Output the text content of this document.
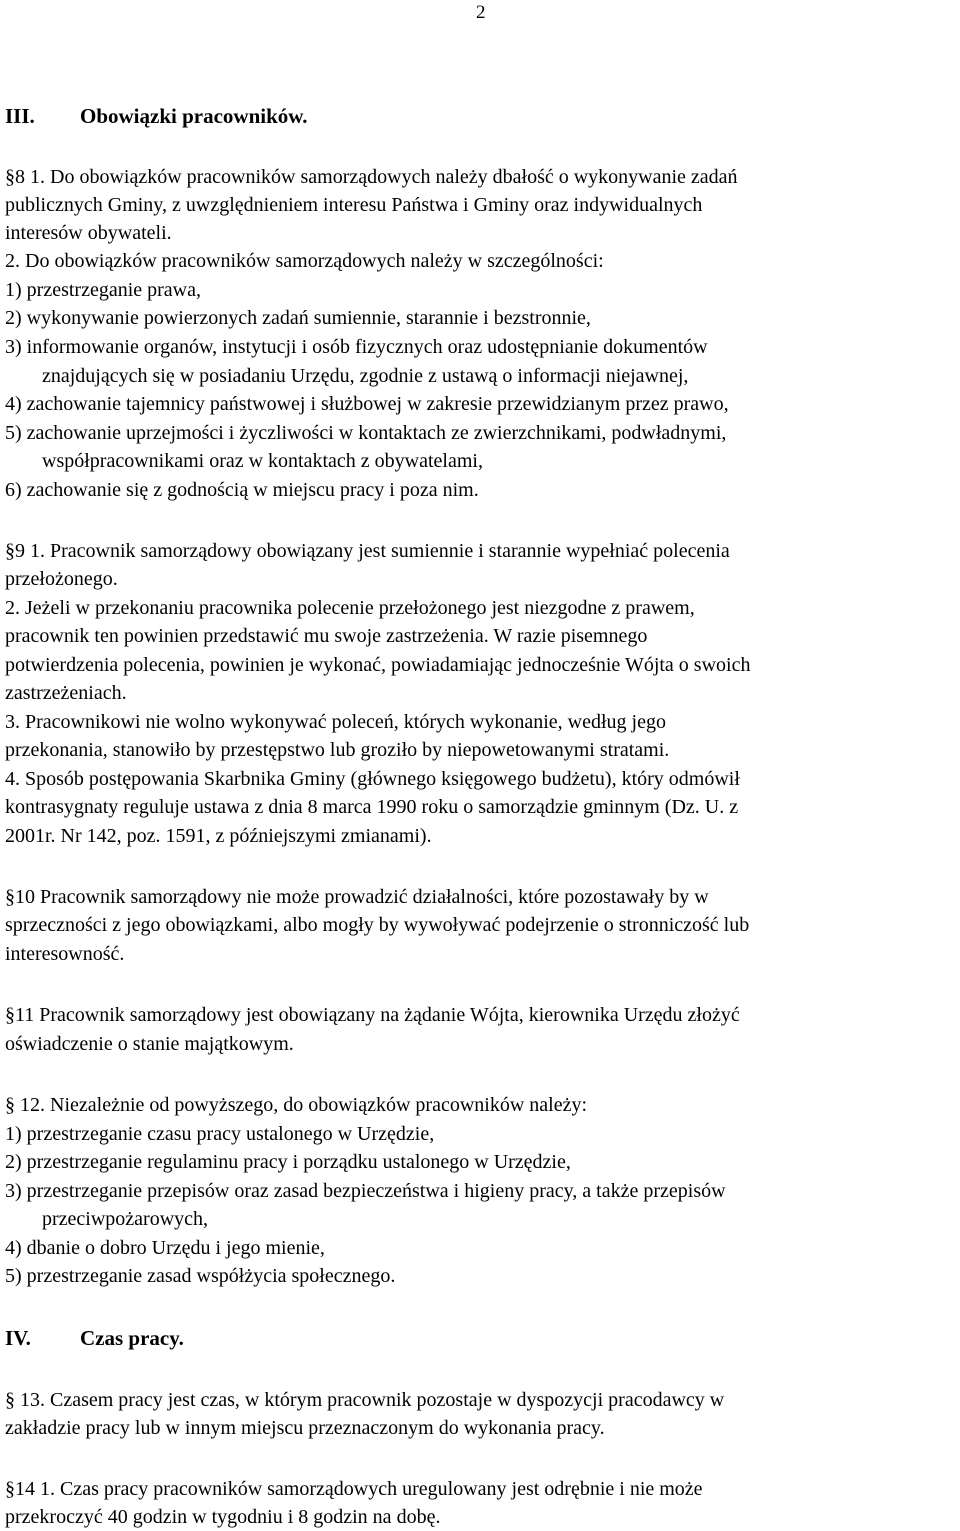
2
III. Obowiązki pracowników.
§8 1. Do obowiązków pracowników samorządowych należy dbałość o wykonywanie zadań
publicznych Gminy, z uwzględnieniem interesu Państwa i Gminy oraz indywidualnych
interesów obywateli.
2. Do obowiązków pracowników samorządowych należy w szczególności:
1) przestrzeganie prawa,
2) wykonywanie powierzonych zadań sumiennie, starannie i bezstronnie,
3) informowanie organów, instytucji i osób fizycznych oraz udostępnianie dokumentów
znajdujących się w posiadaniu Urzędu, zgodnie z ustawą o informacji niejawnej,
4) zachowanie tajemnicy państwowej i służbowej w zakresie przewidzianym przez prawo,
5) zachowanie uprzejmości i życzliwości w kontaktach ze zwierzchnikami, podwładnymi,
współpracownikami oraz w kontaktach z obywatelami,
6) zachowanie się z godnością w miejscu pracy i poza nim.
§9 1. Pracownik samorządowy obowiązany jest sumiennie i starannie wypełniać polecenia
przełożonego.
2. Jeżeli w przekonaniu pracownika polecenie przełożonego jest niezgodne z prawem,
pracownik ten powinien przedstawić mu swoje zastrzeżenia. W razie pisemnego
potwierdzenia polecenia, powinien je wykonać, powiadamiając jednocześnie Wójta o swoich
zastrzeżeniach.
3. Pracownikowi nie wolno wykonywać poleceń, których wykonanie, według jego
przekonania, stanowiło by przestępstwo lub groziło by niepowetowanymi stratami.
4. Sposób postępowania Skarbnika Gminy (głównego księgowego budżetu), który odmówił
kontrasygnaty reguluje ustawa z dnia 8 marca 1990 roku o samorządzie gminnym (Dz. U. z
2001r. Nr 142, poz. 1591, z późniejszymi zmianami).
§10 Pracownik samorządowy nie może prowadzić działalności, które pozostawały by w
sprzeczności z jego obowiązkami, albo mogły by wywoływać podejrzenie o stronniczość lub
interesowność.
§11 Pracownik samorządowy jest obowiązany na żądanie Wójta, kierownika Urzędu złożyć
oświadczenie o stanie majątkowym.
§ 12. Niezależnie od powyższego, do obowiązków pracowników należy:
1) przestrzeganie czasu pracy ustalonego w Urzędzie,
2) przestrzeganie regulaminu pracy i porządku ustalonego w Urzędzie,
3) przestrzeganie przepisów oraz zasad bezpieczeństwa i higieny pracy, a także przepisów
przeciwpożarowych,
4) dbanie o dobro Urzędu i jego mienie,
5) przestrzeganie zasad współżycia społecznego.
IV. Czas pracy.
§ 13. Czasem pracy jest czas, w którym pracownik pozostaje w dyspozycji pracodawcy w
zakładzie pracy lub w innym miejscu przeznaczonym do wykonania pracy.
§14 1. Czas pracy pracowników samorządowych uregulowany jest odrębnie i nie może
przekroczyć 40 godzin w tygodniu i 8 godzin na dobę.
